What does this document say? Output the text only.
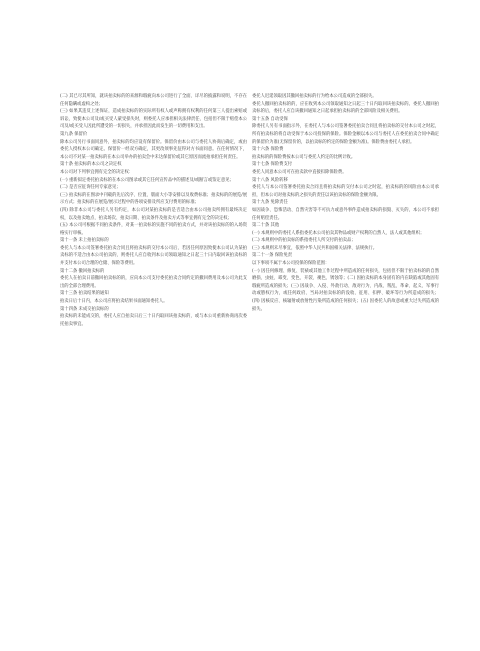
(二) 其已尽其所知，就该拍卖标的的来源和瑕疵向本公司进行了全面、详尽的披露和说明，不存在任何隐瞒或虚构之处；

(三) 如果其违反上述保证，造成拍卖标的的实际所有权人或声称拥有权利的任何第三人提出索赔或诉讼，致使本公司及/或买受人蒙受损失时，则委托人应承担相关法律责任，包括但不限于赔偿本公司及/或买受人因此所遭受的一切损失，并承担因此而发生的一切费用和支出。

第九条 保留价

除本公司另行书面同意外，拍卖标的均应设有保留价。保留价由本公司与委托人协商后确定，或由委托人授权本公司确定。保留价一经双方确定，其更改须事先征得对方书面同意。在任何情况下，本公司不对某一拍卖标的在本公司举办的拍卖会中未达保留价或其它原因而流拍承担任何责任。

第十条 拍卖标的本公司之决定权

本公司对下列事宜拥有完全的决定权：

(一) 重新拟定委托拍卖标的在本公司图录或其它任何宣传品中的描述及/或断言或鉴定意见；

(二) 是否应征询任何专家意见；

(三) 拍卖标的在图录中刊载的先后次序、位置、版面大小等安排以及收费标准；拍卖标的的展览/展示方式；拍卖标的在展览/展示过程中的各项安排及所应支付费用的标准；

(四) 除非本公司与委托人另有约定，本公司对某拍卖标的是否适合由本公司拍卖所拥有最终决定权，以及拍卖地点、拍卖场次、拍卖日期、拍卖条件及拍卖方式等事宜拥有完全的决定权；

(五) 本公司可根据不同拍卖条件，对某一拍卖标的实施不同的拍卖方式，并对该拍卖标的的入场资格实行审核。

第十一条 未上拍拍卖标的

委托人与本公司签署委托拍卖合同且将拍卖标的交付本公司后，若因任何原因致使本公司认为某拍卖标的不适合由本公司拍卖的，则委托人应自收到本公司领取通知之日起三十日内取回该拍卖标的并支付本公司合理的仓储、保险等费用。

第十二条 撤回拍卖标的

委托人在拍卖日前撤回拍卖标的的，应向本公司支付委托拍卖合同约定的撤回费用及本公司为此支出的全部合理费用。

第十三条 拍卖结果的通知

拍卖日后十日内，本公司应将拍卖结果书面通知委托人。

第十四条 未成交拍卖标的

拍卖标的未能成交的，委托人应自拍卖日后三十日内取回该拍卖标的，或与本公司重新协商再次委托拍卖事宜。

委托人迟延领取因其撤回拍卖标的行为给本公司造成的全部损失。

委托人撤回拍卖标的的，应在收到本公司领取通知之日起三十日内取回该拍卖标的。委托人撤回拍卖标的后，委托人应自该撤回通知之日起承担拍卖标的的全部风险及相关费用。

第十五条 自动受保

除委托人另有书面指示外，在委托人与本公司签署委托拍卖合同且将拍卖标的交付本公司之时起，所有拍卖标的将自动受保于本公司投保的保险。保险金额以本公司与委托人在委托拍卖合同中确定的保留价为准(无保留价的，以拍卖标的约定的保险金额为准)。保险费由委托人承担。

第十六条 保险费

拍卖标的的保险费按本公司与委托人约定的比例计收。

第十七条 保险费支付

委托人同意本公司可在拍卖款中直接扣除保险费。

第十八条 风险转移

委托人与本公司签署委托拍卖合同且将拍卖标的交付本公司之时起，拍卖标的的风险由本公司承担，但本公司对拍卖标的之损失的责任以该拍卖标的保险金额为限。

第十九条 免除责任

如因战争、恐怖活动、自然灾害等不可抗力或意外事件造成拍卖标的损毁、灭失的，本公司不承担任何赔偿责任。

第二十条 其他

(一) 本规则中的委托人系指委托本公司拍卖其物品或财产权利的自然人、法人或其他组织；

(二) 本规则中的拍卖标的系指委托人所交付的拍卖品；

(三) 本规则未尽事宜，依照中华人民共和国相关法律、法规执行。

第二十一条 保险免责

以下事项不属于本公司投保的保险范围：

(一) 因任何修理、修复、装裱或其他工作过程中所造成的任何损失，包括但不限于拍卖标的的自然磨损、虫蛀、霉变、变色、开裂、褪色、锈蚀等；(二) 因拍卖标的本身固有的内在缺陷或其他固有瑕疵所造成的损失；(三) 因战争、入侵、外敌行动、敌对行为、内战、叛乱、革命、起义、军事行动或篡权行为，或任何政府、当局对拍卖标的的没收、征用、扣押、破坏等行为所造成的损失；(四) 因核反应、核辐射或放射性污染所造成的任何损失；(五) 因委托人的故意或重大过失所造成的损失。
